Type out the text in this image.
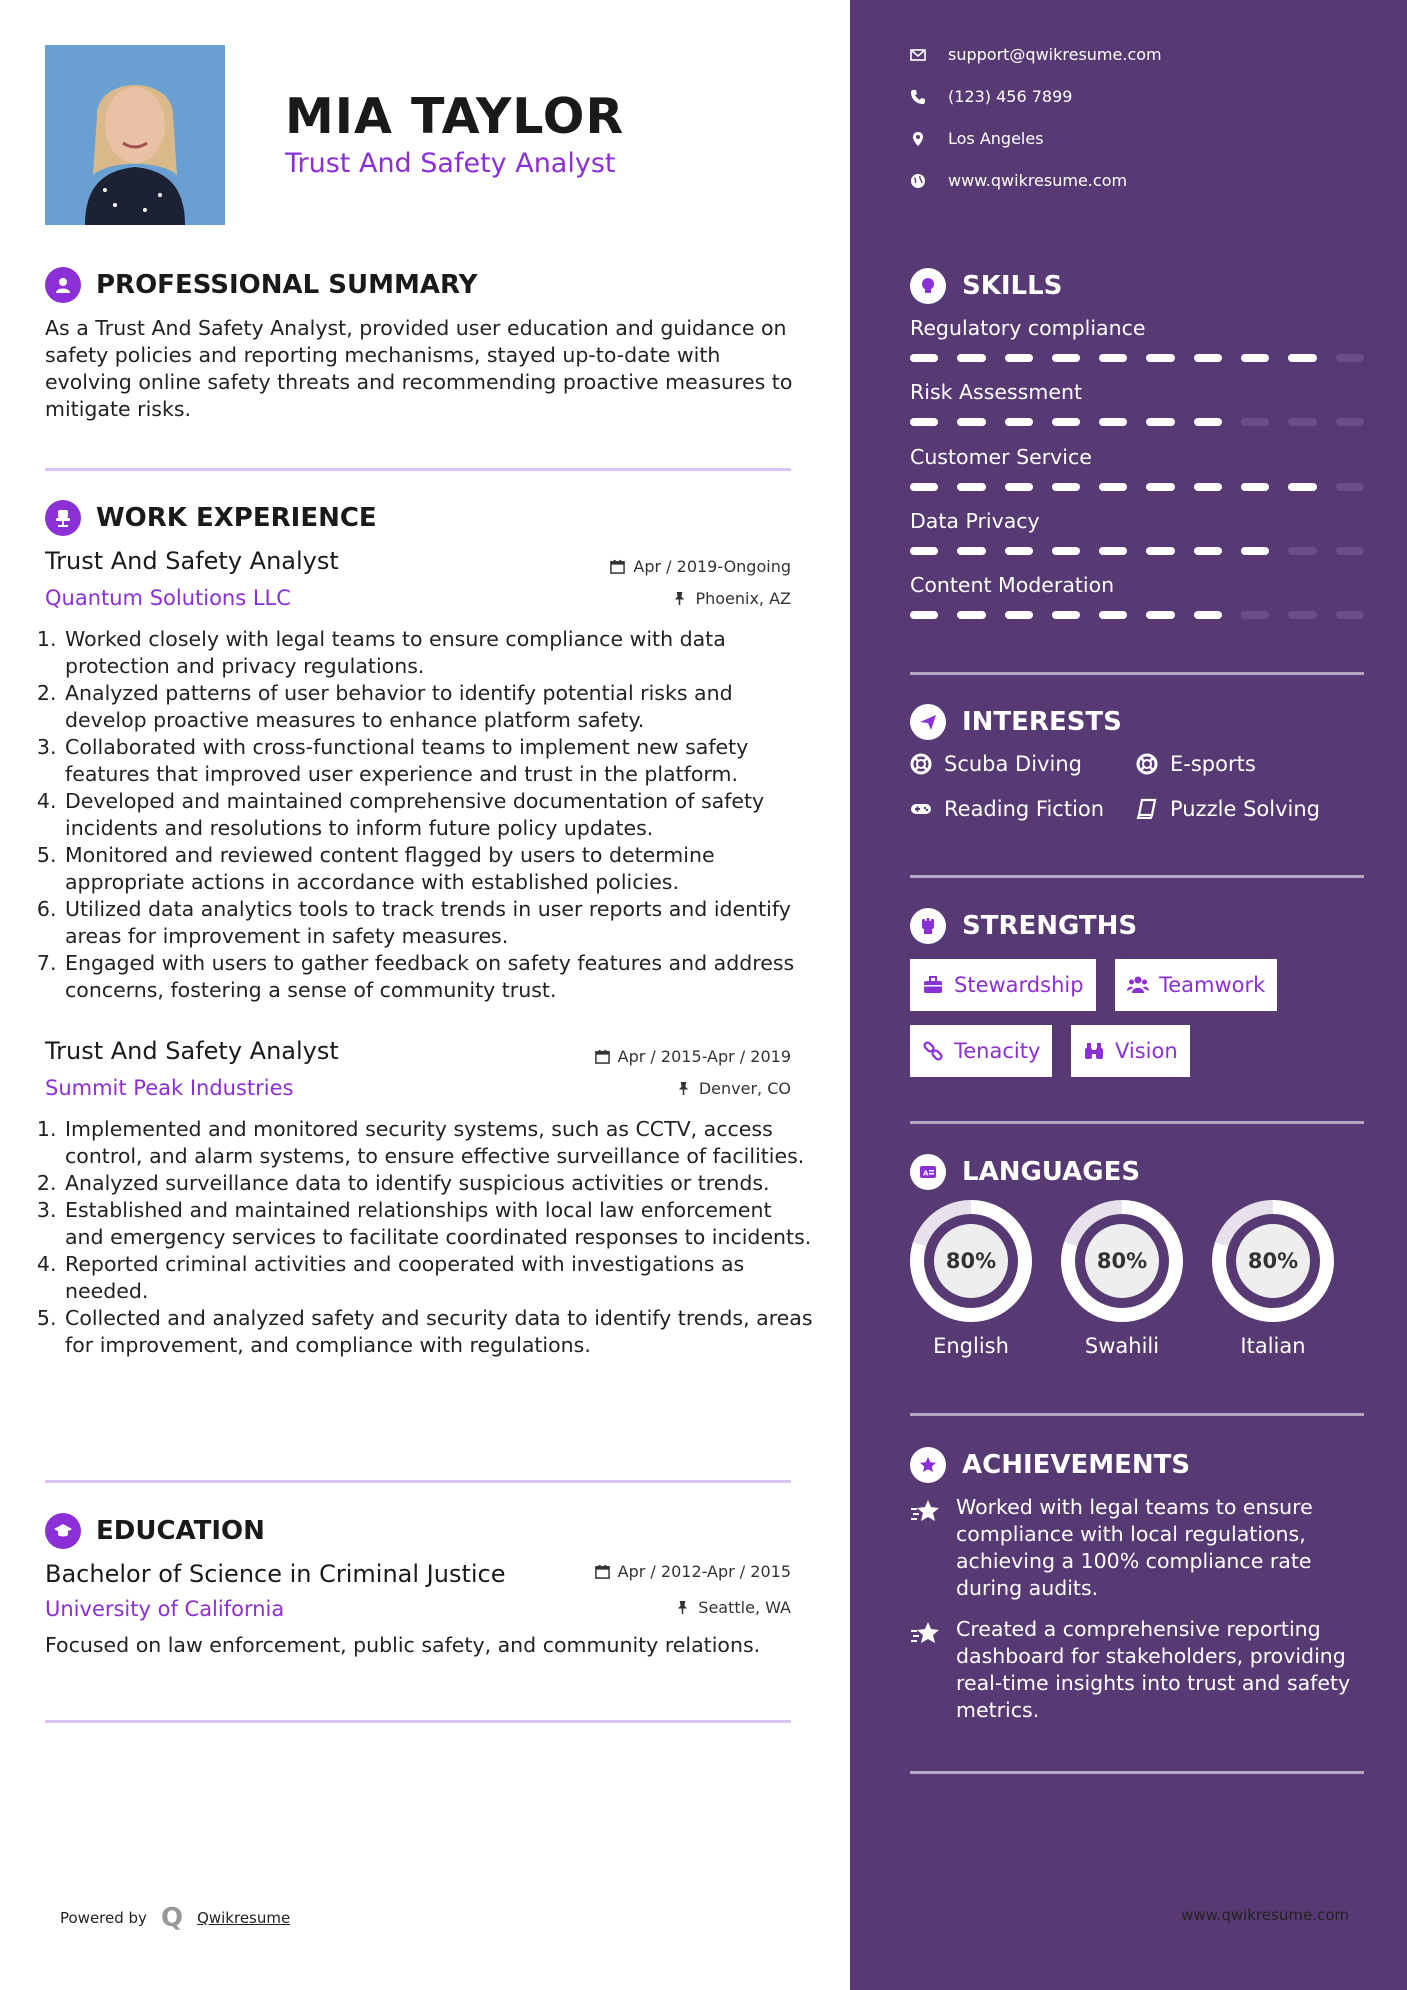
MIA TAYLOR
Trust And Safety Analyst
PROFESSIONAL SUMMARY
As a Trust And Safety Analyst, provided user education and guidance on safety policies and reporting mechanisms, stayed up-to-date with evolving online safety threats and recommending proactive measures to mitigate risks.
WORK EXPERIENCE
Trust And Safety Analyst	Apr / 2019-Ongoing
Quantum Solutions LLC	Phoenix, AZ
1. Worked closely with legal teams to ensure compliance with data protection and privacy regulations.
2. Analyzed patterns of user behavior to identify potential risks and develop proactive measures to enhance platform safety.
3. Collaborated with cross-functional teams to implement new safety features that improved user experience and trust in the platform.
4. Developed and maintained comprehensive documentation of safety incidents and resolutions to inform future policy updates.
5. Monitored and reviewed content flagged by users to determine appropriate actions in accordance with established policies.
6. Utilized data analytics tools to track trends in user reports and identify areas for improvement in safety measures.
7. Engaged with users to gather feedback on safety features and address concerns, fostering a sense of community trust.
Trust And Safety Analyst	Apr / 2015-Apr / 2019
Summit Peak Industries	Denver, CO
1. Implemented and monitored security systems, such as CCTV, access control, and alarm systems, to ensure effective surveillance of facilities.
2. Analyzed surveillance data to identify suspicious activities or trends.
3. Established and maintained relationships with local law enforcement and emergency services to facilitate coordinated responses to incidents.
4. Reported criminal activities and cooperated with investigations as needed.
5. Collected and analyzed safety and security data to identify trends, areas for improvement, and compliance with regulations.
EDUCATION
Bachelor of Science in Criminal Justice	Apr / 2012-Apr / 2015
University of California	Seattle, WA
Focused on law enforcement, public safety, and community relations.
Powered by Q Qwikresume
support@qwikresume.com
(123) 456 7899
Los Angeles
www.qwikresume.com
SKILLS
Regulatory compliance
Risk Assessment
Customer Service
Data Privacy
Content Moderation
INTERESTS
Scuba Diving	E-sports
Reading Fiction	Puzzle Solving
STRENGTHS
Stewardship	Teamwork
Tenacity	Vision
A LANGUAGES
80%
English
80%
Swahili
80%
Italian
ACHIEVEMENTS
Worked with legal teams to ensure compliance with local regulations, achieving a 100% compliance rate during audits.
Created a comprehensive reporting dashboard for stakeholders, providing real-time insights into trust and safety metrics.
www.qwikresume.com
